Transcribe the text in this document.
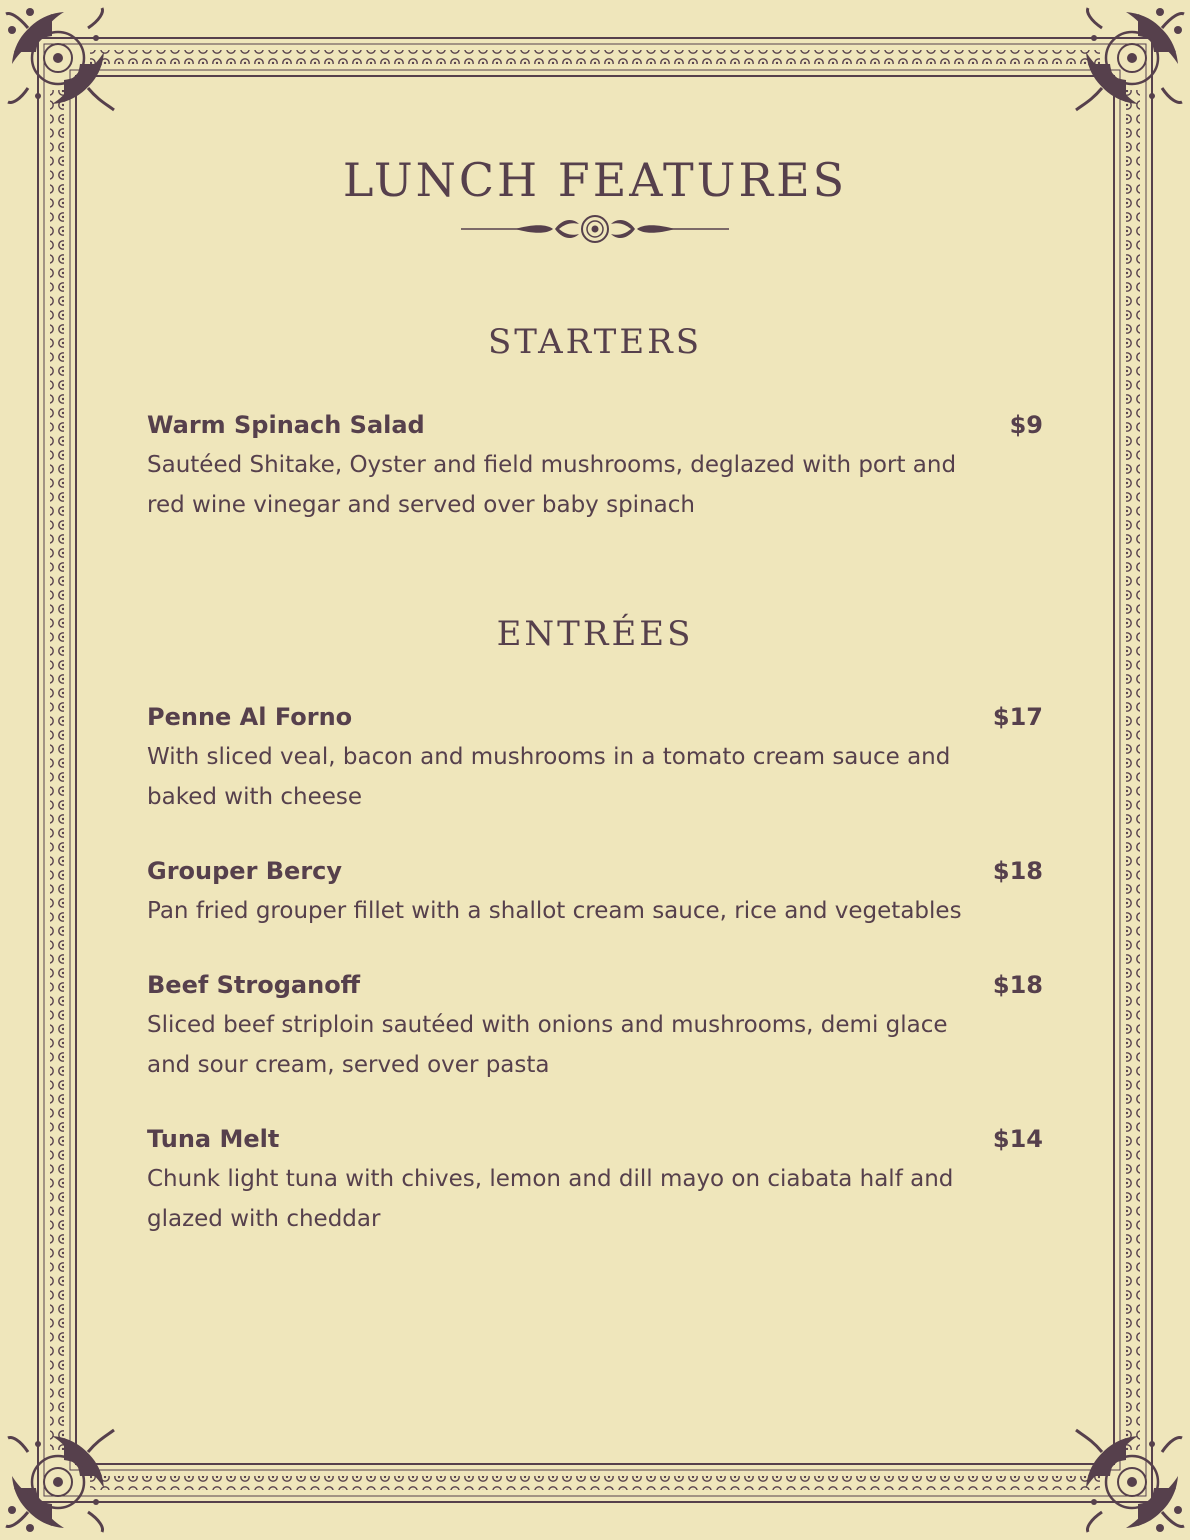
LUNCH FEATURES
STARTERS
Warm Spinach Salad	$9
Sautéed Shitake, Oyster and field mushrooms, deglazed with port and red wine vinegar and served over baby spinach
ENTRÉES
Penne Al Forno	$17
With sliced veal, bacon and mushrooms in a tomato cream sauce and baked with cheese
Grouper Bercy	$18
Pan fried grouper fillet with a shallot cream sauce, rice and vegetables
Beef Stroganoff	$18
Sliced beef striploin sautéed with onions and mushrooms, demi glace and sour cream, served over pasta
Tuna Melt	$14
Chunk light tuna with chives, lemon and dill mayo on ciabata half and glazed with cheddar
